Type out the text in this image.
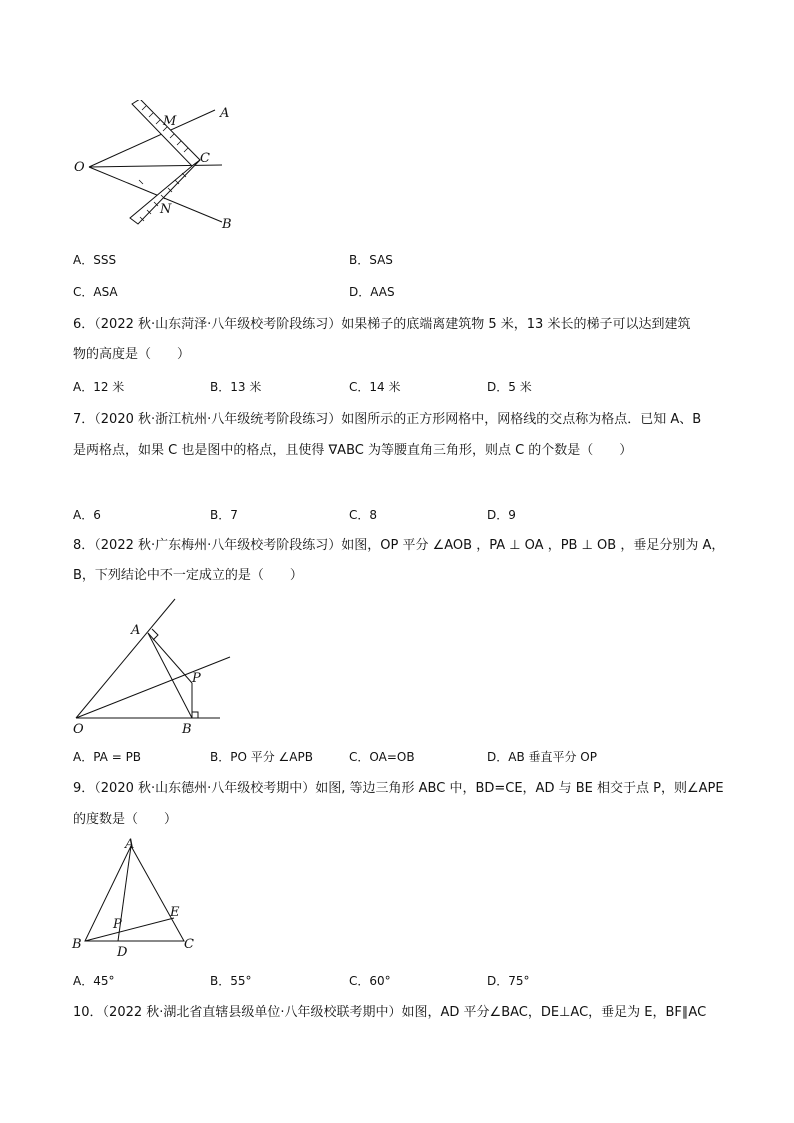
O
M
A
C
N
B
A．SSS	B．SAS
C．ASA	D．AAS
6．（2022 秋·山东菏泽·八年级校考阶段练习）如果梯子的底端离建筑物 5 米，13 米长的梯子可以达到建筑
物的高度是（　　）
A．12 米	B．13 米	C．14 米	D．5 米
7．（2020 秋·浙江杭州·八年级统考阶段练习）如图所示的正方形网格中，网格线的交点称为格点．已知 A、B
是两格点，如果 C 也是图中的格点，且使得 ∇ABC 为等腰直角三角形，则点 C 的个数是（　　）
A．6	B．7	C．8	D．9
8．（2022 秋·广东梅州·八年级校考阶段练习）如图，OP 平分 ∠AOB ，PA ⊥ OA ，PB ⊥ OB ，垂足分别为 A，
B，下列结论中不一定成立的是（　　）
A
P
O	B
A．PA = PB	B．PO 平分 ∠APB	C．OA=OB	D．AB 垂直平分 OP
9．（2020 秋·山东德州·八年级校考期中）如图, 等边三角形 ABC 中，BD=CE，AD 与 BE 相交于点 P，则∠APE
的度数是（　　）
A
E
P
B
D
C
A．45°	B．55°	C．60°	D．75°
10．（2022 秋·湖北省直辖县级单位·八年级校联考期中）如图，AD 平分∠BAC，DE⊥AC，垂足为 E，BF∥AC
